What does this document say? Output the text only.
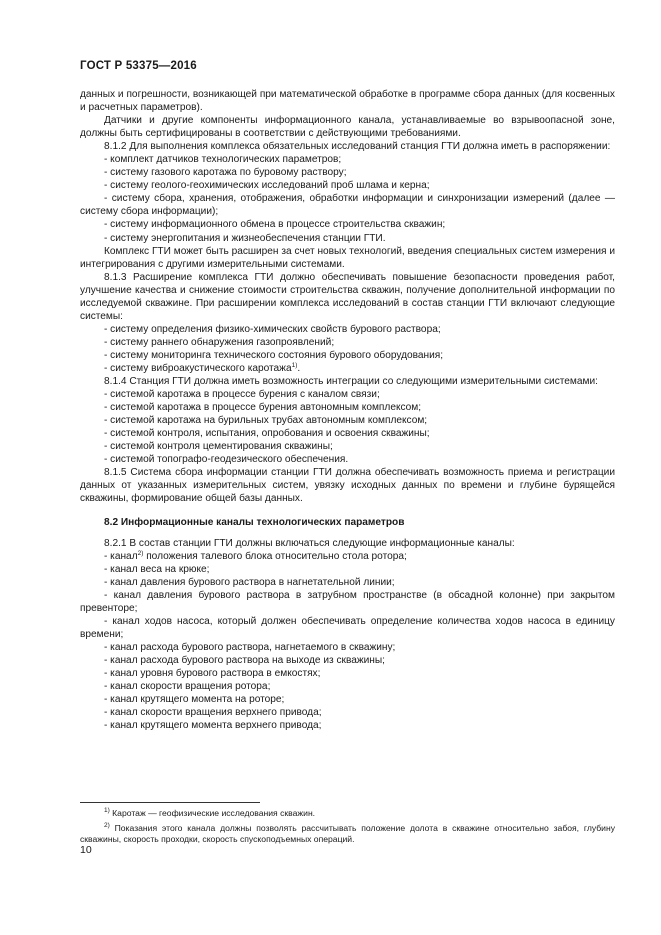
ГОСТ Р 53375—2016
данных и погрешности, возникающей при математической обработке в программе сбора данных (для косвенных и расчетных параметров).
Датчики и другие компоненты информационного канала, устанавливаемые во взрывоопасной зоне, должны быть сертифицированы в соответствии с действующими требованиями.
8.1.2 Для выполнения комплекса обязательных исследований станция ГТИ должна иметь в распоряжении:
- комплект датчиков технологических параметров;
- систему газового каротажа по буровому раствору;
- систему геолого-геохимических исследований проб шлама и керна;
- систему сбора, хранения, отображения, обработки информации и синхронизации измерений (далее — систему сбора информации);
- систему информационного обмена в процессе строительства скважин;
- систему энергопитания и жизнеобеспечения станции ГТИ.
Комплекс ГТИ может быть расширен за счет новых технологий, введения специальных систем измерения и интегрирования с другими измерительными системами.
8.1.3 Расширение комплекса ГТИ должно обеспечивать повышение безопасности проведения работ, улучшение качества и снижение стоимости строительства скважин, получение дополнительной информации по исследуемой скважине. При расширении комплекса исследований в состав станции ГТИ включают следующие системы:
- систему определения физико-химических свойств бурового раствора;
- систему раннего обнаружения газопроявлений;
- систему мониторинга технического состояния бурового оборудования;
- систему виброакустического каротажа$^{1)}$.
8.1.4 Станция ГТИ должна иметь возможность интеграции со следующими измерительными системами:
- системой каротажа в процессе бурения с каналом связи;
- системой каротажа в процессе бурения автономным комплексом;
- системой каротажа на бурильных трубах автономным комплексом;
- системой контроля, испытания, опробования и освоения скважины;
- системой контроля цементирования скважины;
- системой топографо-геодезического обеспечения.
8.1.5 Система сбора информации станции ГТИ должна обеспечивать возможность приема и регистрации данных от указанных измерительных систем, увязку исходных данных по времени и глубине бурящейся скважины, формирование общей базы данных.
8.2 Информационные каналы технологических параметров
8.2.1 В состав станции ГТИ должны включаться следующие информационные каналы:
- канал$^{2)}$ положения талевого блока относительно стола ротора;
- канал веса на крюке;
- канал давления бурового раствора в нагнетательной линии;
- канал давления бурового раствора в затрубном пространстве (в обсадной колонне) при закрытом превенторе;
- канал ходов насоса, который должен обеспечивать определение количества ходов насоса в единицу времени;
- канал расхода бурового раствора, нагнетаемого в скважину;
- канал расхода бурового раствора на выходе из скважины;
- канал уровня бурового раствора в емкостях;
- канал скорости вращения ротора;
- канал крутящего момента на роторе;
- канал скорости вращения верхнего привода;
- канал крутящего момента верхнего привода;
$^{1)}$ Каротаж — геофизические исследования скважин.
$^{2)}$ Показания этого канала должны позволять рассчитывать положение долота в скважине относительно забоя, глубину скважины, скорость проходки, скорость спускоподъемных операций.
10
